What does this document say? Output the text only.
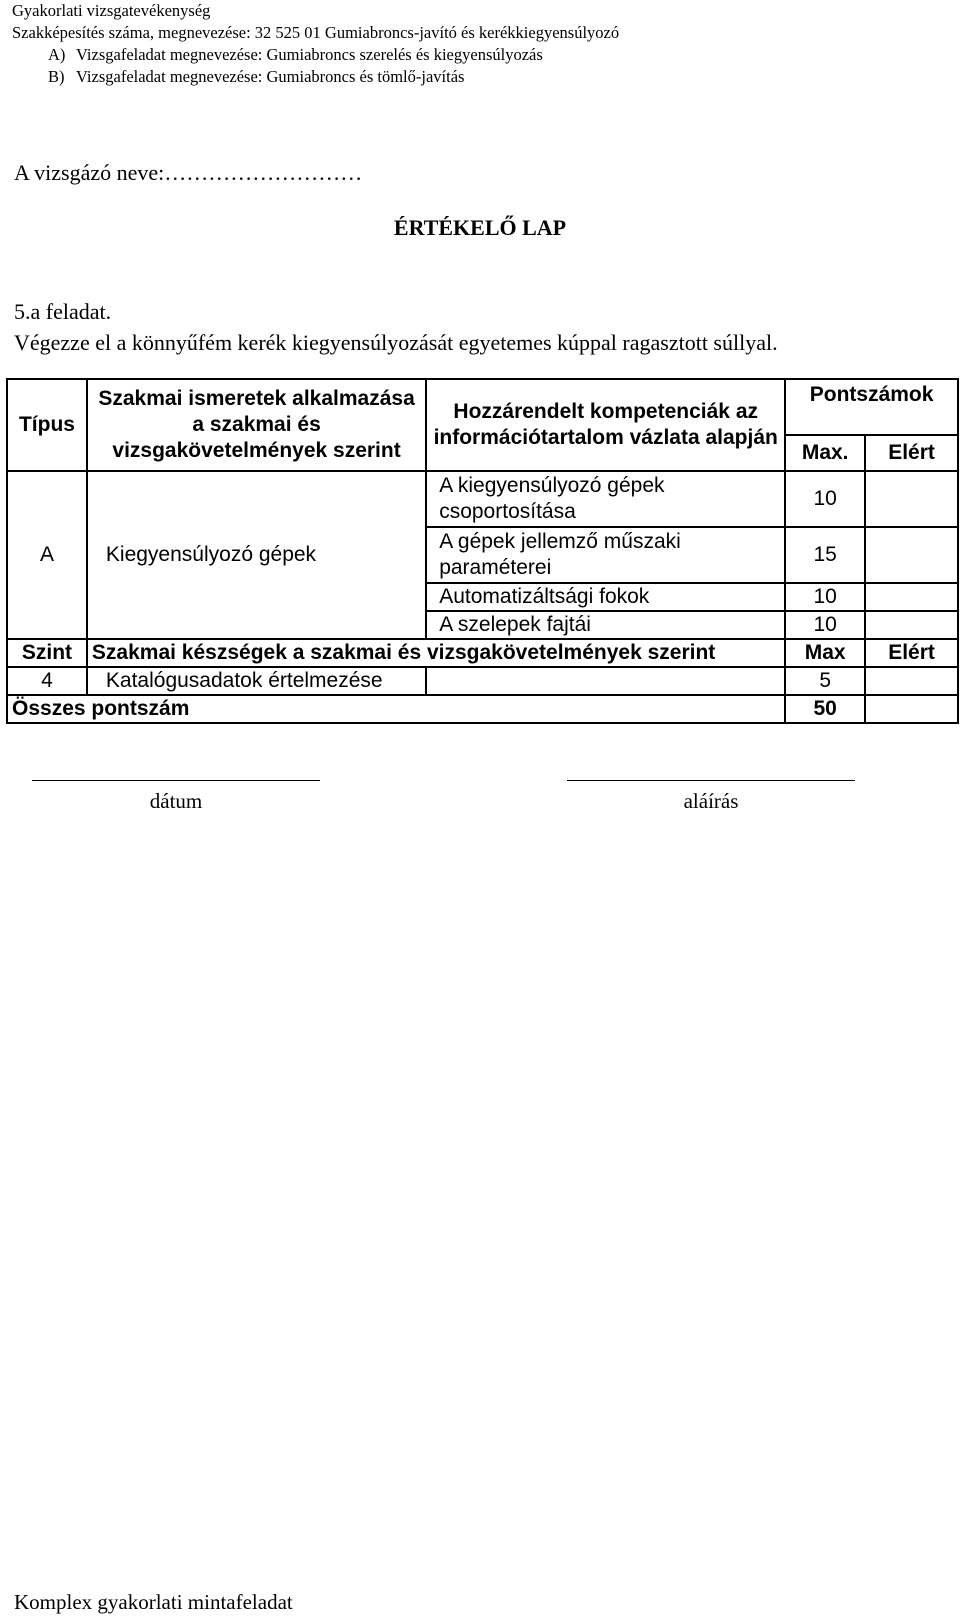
Gyakorlati vizsgatevékenység
Szakképesítés száma, megnevezése: 32 525 01 Gumiabroncs-javító és kerékkiegyensúlyozó
A) Vizsgafeladat megnevezése: Gumiabroncs szerelés és kiegyensúlyozás
B) Vizsgafeladat megnevezése: Gumiabroncs és tömlő-javítás
A vizsgázó neve:………………………
ÉRTÉKELŐ LAP
5.a feladat.
Végezze el a könnyűfém kerék kiegyensúlyozását egyetemes kúppal ragasztott súllyal.
Típus	Szakmai ismeretek alkalmazása a szakmai és vizsgakövetelmények szerint	Hozzárendelt kompetenciák az információtartalom vázlata alapján	Pontszámok	
			Max.	Elért
A	Kiegyensúlyozó gépek	A kiegyensúlyozó gépek csoportosítása	10	
		A gépek jellemző műszaki paraméterei	15	
		Automatizáltsági fokok	10	
		A szelepek fajtái	10	
Szint	Szakmai készségek a szakmai és vizsgakövetelmények szerint		Max	Elért
4	Katalógusadatok értelmezése		5	
Összes pontszám			50	
dátum	aláírás
Komplex gyakorlati mintafeladat
